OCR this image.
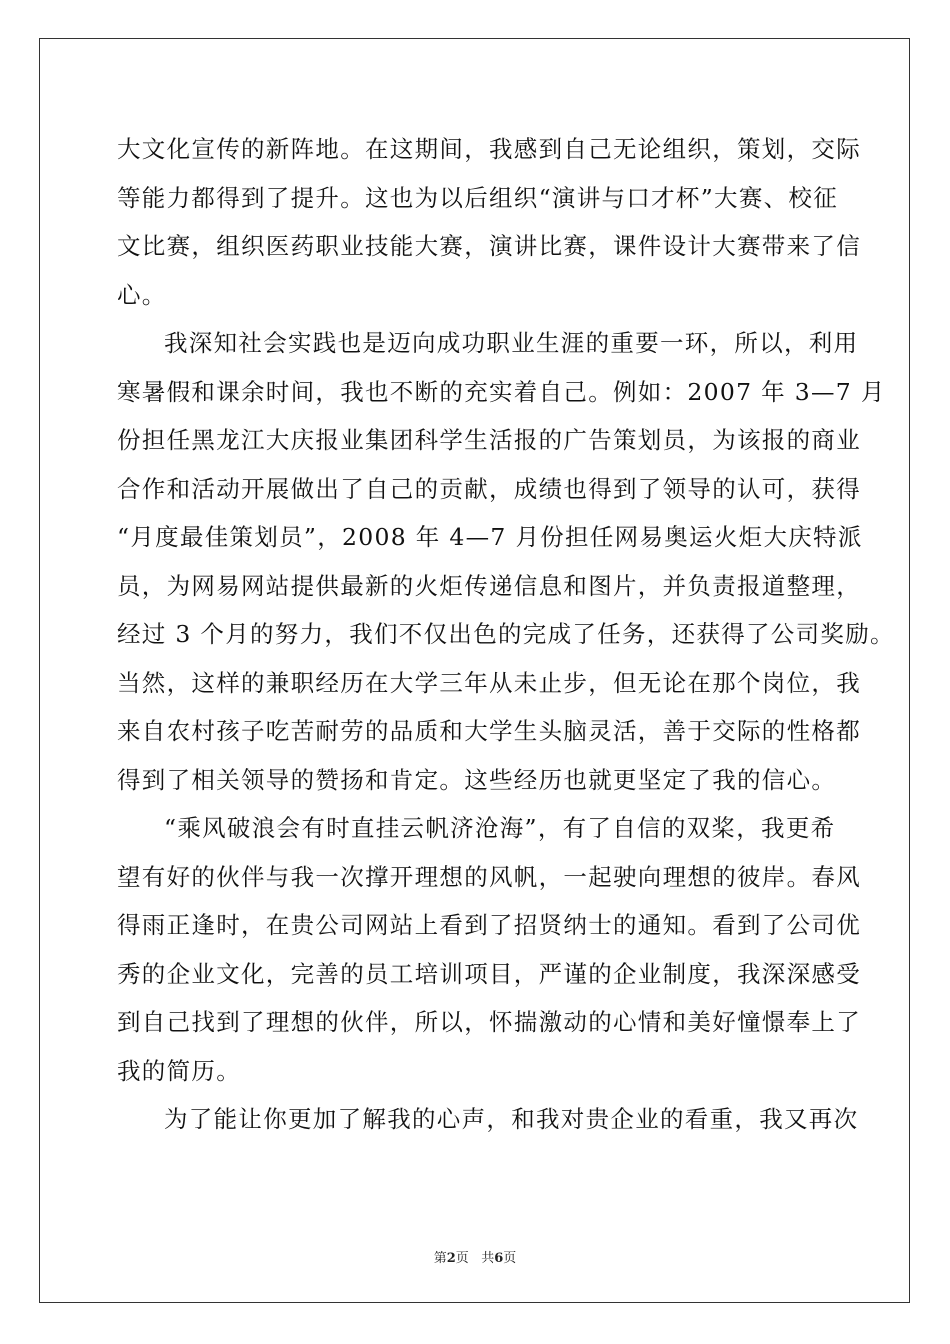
大文化宣传的新阵地。在这期间，我感到自己无论组织，策划，交际
等能力都得到了提升。这也为以后组织“演讲与口才杯”大赛、校征
文比赛，组织医药职业技能大赛，演讲比赛，课件设计大赛带来了信
心。
我深知社会实践也是迈向成功职业生涯的重要一环，所以，利用
寒暑假和课余时间，我也不断的充实着自己。例如：2007 年 3—7 月
份担任黑龙江大庆报业集团科学生活报的广告策划员，为该报的商业
合作和活动开展做出了自己的贡献，成绩也得到了领导的认可，获得
“月度最佳策划员”，2008 年 4—7 月份担任网易奥运火炬大庆特派
员，为网易网站提供最新的火炬传递信息和图片，并负责报道整理，
经过 3 个月的努力，我们不仅出色的完成了任务，还获得了公司奖励。
当然，这样的兼职经历在大学三年从未止步，但无论在那个岗位，我
来自农村孩子吃苦耐劳的品质和大学生头脑灵活，善于交际的性格都
得到了相关领导的赞扬和肯定。这些经历也就更坚定了我的信心。
“乘风破浪会有时直挂云帆济沧海”，有了自信的双桨，我更希
望有好的伙伴与我一次撑开理想的风帆，一起驶向理想的彼岸。春风
得雨正逢时，在贵公司网站上看到了招贤纳士的通知。看到了公司优
秀的企业文化，完善的员工培训项目，严谨的企业制度，我深深感受
到自己找到了理想的伙伴，所以，怀揣激动的心情和美好憧憬奉上了
我的简历。
为了能让你更加了解我的心声，和我对贵企业的看重，我又再次
第2页 共6页
